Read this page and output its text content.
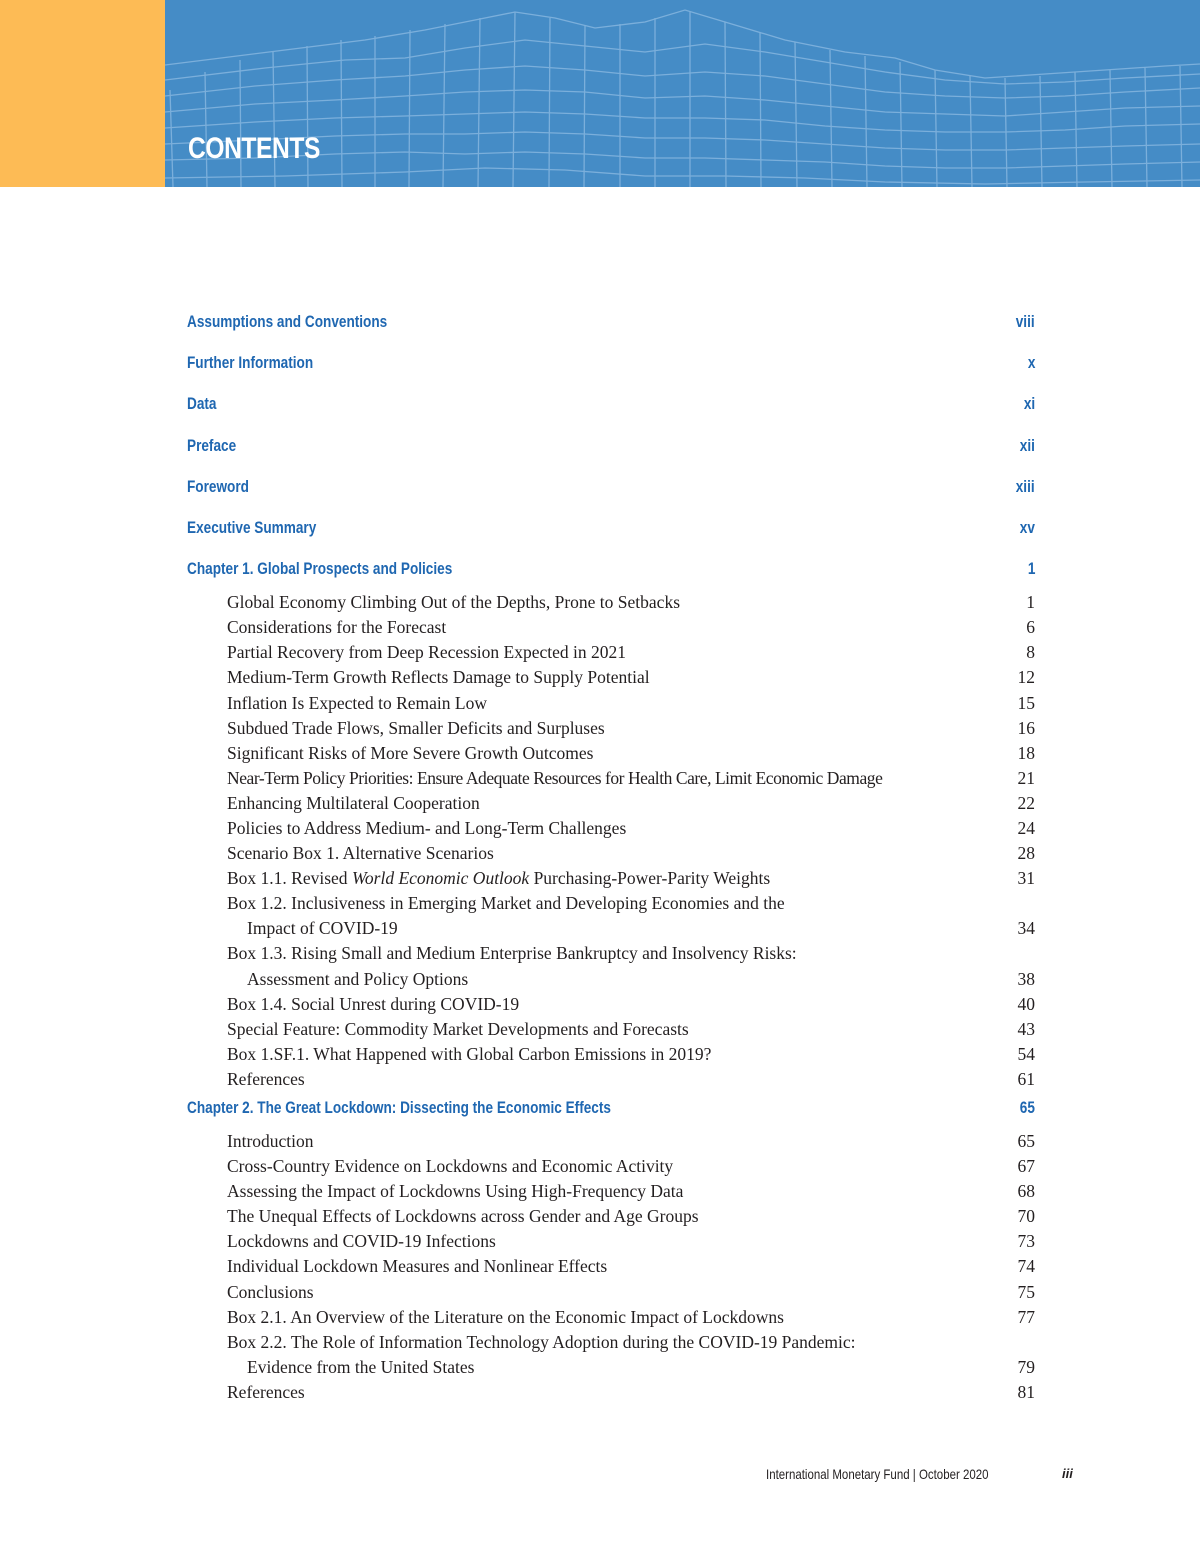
CONTENTS
Assumptions and Conventions	viii
Further Information	x
Data	xi
Preface	xii
Foreword	xiii
Executive Summary	xv
Chapter 1. Global Prospects and Policies	1
Global Economy Climbing Out of the Depths, Prone to Setbacks	1
Considerations for the Forecast	6
Partial Recovery from Deep Recession Expected in 2021	8
Medium-Term Growth Reflects Damage to Supply Potential	12
Inflation Is Expected to Remain Low	15
Subdued Trade Flows, Smaller Deficits and Surpluses	16
Significant Risks of More Severe Growth Outcomes	18
Near-Term Policy Priorities: Ensure Adequate Resources for Health Care, Limit Economic Damage	21
Enhancing Multilateral Cooperation	22
Policies to Address Medium- and Long-Term Challenges	24
Scenario Box 1. Alternative Scenarios	28
Box 1.1. Revised World Economic Outlook Purchasing-Power-Parity Weights	31
Box 1.2. Inclusiveness in Emerging Market and Developing Economies and the
Impact of COVID-19	34
Box 1.3. Rising Small and Medium Enterprise Bankruptcy and Insolvency Risks:
Assessment and Policy Options	38
Box 1.4. Social Unrest during COVID-19	40
Special Feature: Commodity Market Developments and Forecasts	43
Box 1.SF.1. What Happened with Global Carbon Emissions in 2019?	54
References	61
Chapter 2. The Great Lockdown: Dissecting the Economic Effects	65
Introduction	65
Cross-Country Evidence on Lockdowns and Economic Activity	67
Assessing the Impact of Lockdowns Using High-Frequency Data	68
The Unequal Effects of Lockdowns across Gender and Age Groups	70
Lockdowns and COVID-19 Infections	73
Individual Lockdown Measures and Nonlinear Effects	74
Conclusions	75
Box 2.1. An Overview of the Literature on the Economic Impact of Lockdowns	77
Box 2.2. The Role of Information Technology Adoption during the COVID-19 Pandemic:
Evidence from the United States	79
References	81
International Monetary Fund | October 2020	iii
